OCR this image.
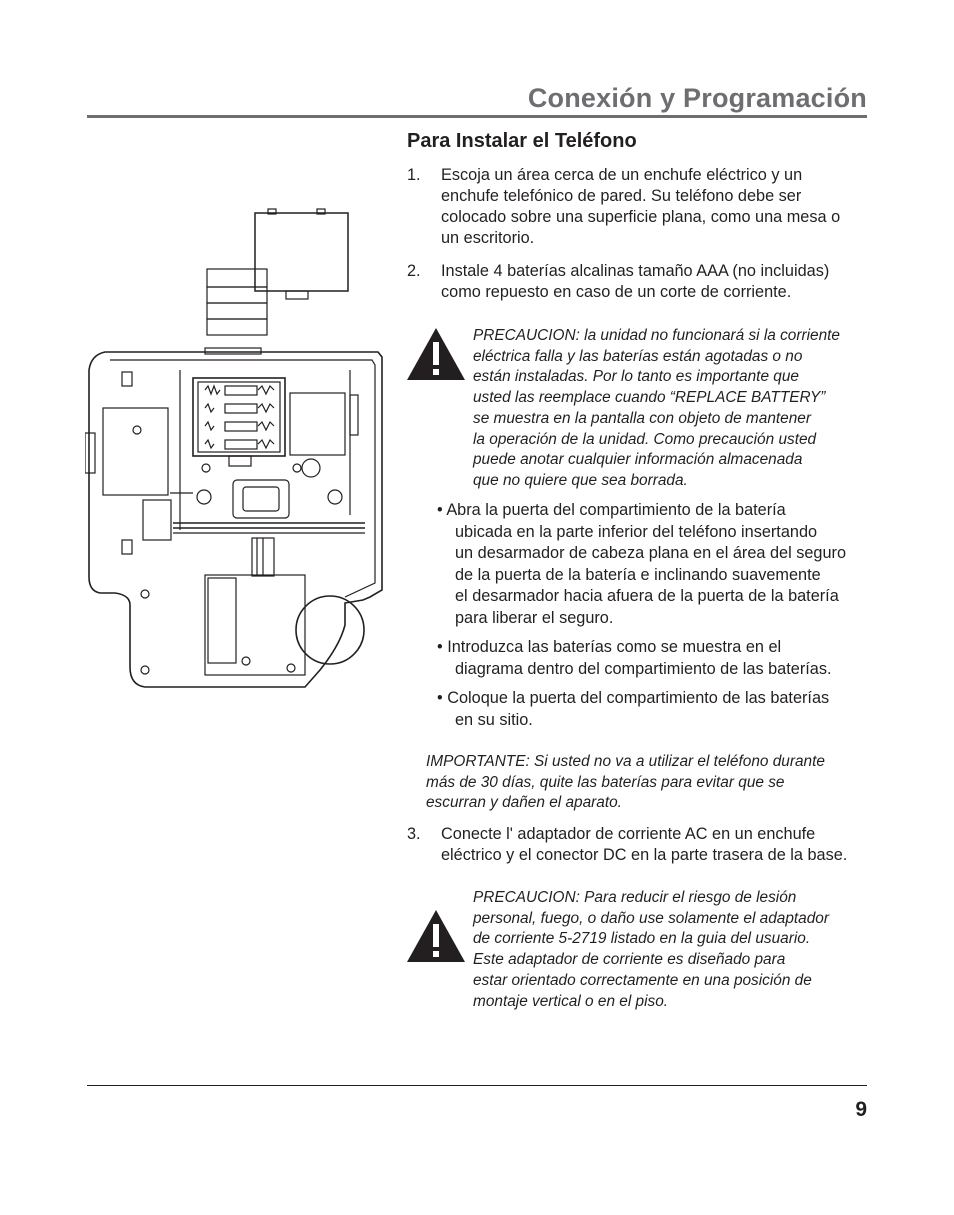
Conexión y Programación
Para Instalar el Teléfono
1.	Escoja un área cerca de un enchufe eléctrico y un
enchufe telefónico de pared. Su teléfono debe ser
colocado sobre una superficie plana, como una mesa o
un escritorio.
2.	Instale 4 baterías alcalinas tamaño AAA (no incluidas)
como repuesto en caso de un corte de corriente.
PRECAUCION: la unidad no funcionará si la corriente
eléctrica falla y las baterías están agotadas o no
están instaladas. Por lo tanto es importante que
usted las reemplace cuando “REPLACE BATTERY”
se muestra en la pantalla con objeto de mantener
la operación de la unidad. Como precaución usted
puede anotar cualquier información almacenada
que no quiere que sea borrada.
• Abra la puerta del compartimiento de la batería
ubicada en la parte inferior del teléfono insertando
un desarmador de cabeza plana en el área del seguro
de la puerta de la batería e inclinando suavemente
el desarmador hacia afuera de la puerta de la batería
para liberar el seguro.
• Introduzca las baterías como se muestra en el
diagrama dentro del compartimiento de las baterías.
• Coloque la puerta del compartimiento de las baterías
en su sitio.
IMPORTANTE: Si usted no va a utilizar el teléfono durante
más de 30 días, quite las baterías para evitar que se
escurran y dañen el aparato.
3.	Conecte l' adaptador de corriente AC en un enchufe
eléctrico y el conector DC en la parte trasera de la base.
PRECAUCION: Para reducir el riesgo de lesión
personal, fuego, o daño use solamente el adaptador
de corriente 5-2719 listado en la guia del usuario.
Este adaptador de corriente es diseñado para
estar orientado correctamente en una posición de
montaje vertical o en el piso.
9
